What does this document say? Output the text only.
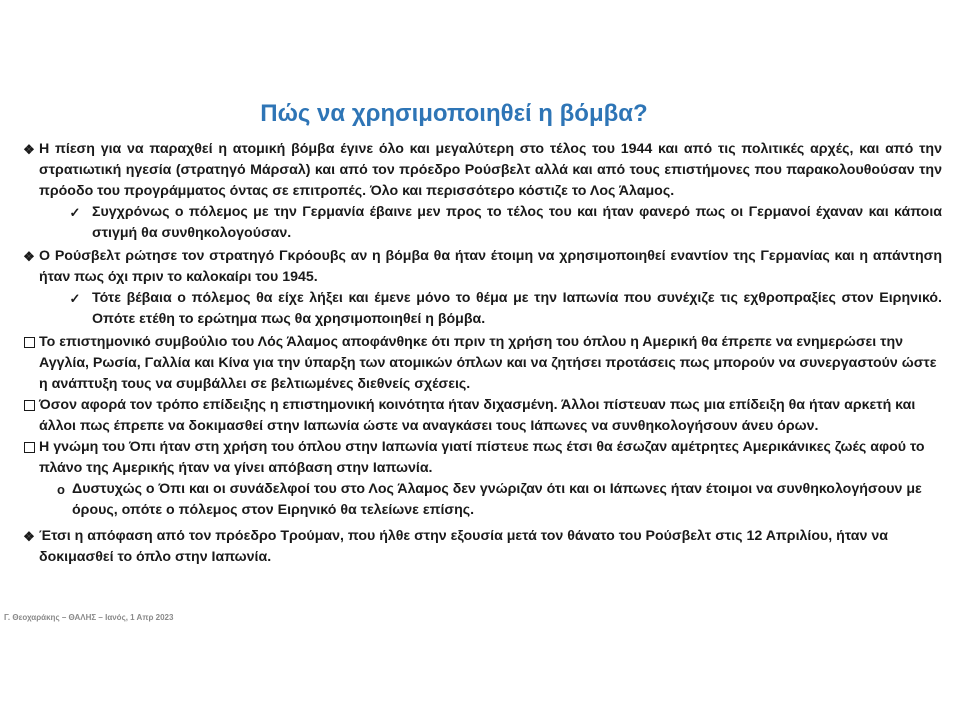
Πώς να χρησιμοποιηθεί η βόμβα?
❖ Η πίεση για να παραχθεί η ατομική βόμβα έγινε όλο και μεγαλύτερη στο τέλος του 1944 και από τις πολιτικές αρχές, και από την στρατιωτική ηγεσία (στρατηγό Μάρσαλ) και από τον πρόεδρο Ρούσβελτ αλλά και από τους επιστήμονες που παρακολουθούσαν την πρόοδο του προγράμματος όντας σε επιτροπές. Όλο και περισσότερο κόστιζε το Λος Άλαμος.

✓ Συγχρόνως ο πόλεμος με την Γερμανία έβαινε μεν προς το τέλος του και ήταν φανερό πως οι Γερμανοί έχαναν και κάποια στιγμή θα συνθηκολογούσαν.

❖ Ο Ρούσβελτ ρώτησε τον στρατηγό Γκρόουβς αν η βόμβα θα ήταν έτοιμη να χρησιμοποιηθεί εναντίον της Γερμανίας και η απάντηση ήταν πως όχι πριν το καλοκαίρι του 1945.

✓ Τότε βέβαια ο πόλεμος θα είχε λήξει και έμενε μόνο το θέμα με την Ιαπωνία που συνέχιζε τις εχθροπραξίες στον Ειρηνικό. Οπότε ετέθη το ερώτημα πως θα χρησιμοποιηθεί η βόμβα.

Το επιστημονικό συμβούλιο του Λός Άλαμος αποφάνθηκε ότι πριν τη χρήση του όπλου η Αμερική θα έπρεπε να ενημερώσει την Αγγλία, Ρωσία, Γαλλία και Κίνα για την ύπαρξη των ατομικών όπλων και να ζητήσει προτάσεις πως μπορούν να συνεργαστούν ώστε η ανάπτυξη τους να συμβάλλει σε βελτιωμένες διεθνείς σχέσεις.

Όσον αφορά τον τρόπο επίδειξης η επιστημονική κοινότητα ήταν διχασμένη. Άλλοι πίστευαν πως μια επίδειξη θα ήταν αρκετή και άλλοι πως έπρεπε να δοκιμασθεί στην Ιαπωνία ώστε να αναγκάσει τους Ιάπωνες να συνθηκολογήσουν άνευ όρων.

Η γνώμη του Όπι ήταν στη χρήση του όπλου στην Ιαπωνία γιατί πίστευε πως έτσι θα έσωζαν αμέτρητες Αμερικάνικες ζωές αφού το πλάνο της Αμερικής ήταν να γίνει απόβαση στην Ιαπωνία.

o Δυστυχώς ο Όπι και οι συνάδελφοί του στο Λος Άλαμος δεν γνώριζαν ότι και οι Ιάπωνες ήταν έτοιμοι να συνθηκολογήσουν με όρους, οπότε ο πόλεμος στον Ειρηνικό θα τελείωνε επίσης.

❖ Έτσι η απόφαση από τον πρόεδρο Τρούμαν, που ήλθε στην εξουσία μετά τον θάνατο του Ρούσβελτ στις 12 Απριλίου, ήταν να δοκιμασθεί το όπλο στην Ιαπωνία.

Γ. Θεοχαράκης – ΘΑΛΗΣ – Ιανός, 1 Απρ 2023
